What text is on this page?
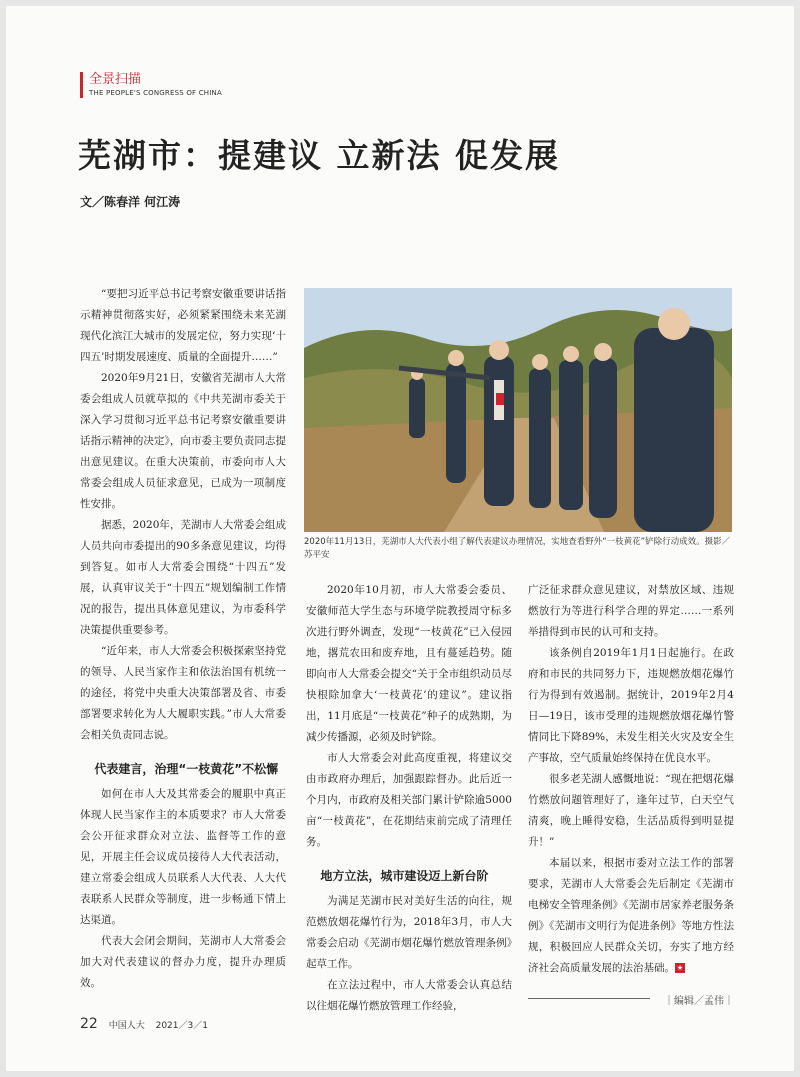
全景扫描
THE PEOPLE'S CONGRESS OF CHINA
芜湖市：提建议 立新法 促发展
文／陈春洋 何江涛

“要把习近平总书记考察安徽重要讲话指示精神贯彻落实好，必须紧紧围绕未来芜湖现代化滨江大城市的发展定位，努力实现‘十四五’时期发展速度、质量的全面提升……”

2020年9月21日，安徽省芜湖市人大常委会组成人员就草拟的《中共芜湖市委关于深入学习贯彻习近平总书记考察安徽重要讲话指示精神的决定》，向市委主要负责同志提出意见建议。在重大决策前，市委向市人大常委会组成人员征求意见，已成为一项制度性安排。

据悉，2020年，芜湖市人大常委会组成人员共向市委提出的90多条意见建议，均得到答复。如市人大常委会围绕“十四五”发展，认真审议关于“十四五”规划编制工作情况的报告，提出具体意见建议，为市委科学决策提供重要参考。

“近年来，市人大常委会积极探索坚持党的领导、人民当家作主和依法治国有机统一的途径，将党中央重大决策部署及省、市委部署要求转化为人大履职实践。”市人大常委会相关负责同志说。

代表建言，治理“一枝黄花”不松懈

如何在市人大及其常委会的履职中真正体现人民当家作主的本质要求？市人大常委会公开征求群众对立法、监督等工作的意见，开展主任会议成员接待人大代表活动，建立常委会组成人员联系人大代表、人大代表联系人民群众等制度，进一步畅通下情上达渠道。

代表大会闭会期间，芜湖市人大常委会加大对代表建议的督办力度，提升办理质效。

2020年11月13日，芜湖市人大代表小组了解代表建议办理情况，实地查看野外“一枝黄花”铲除行动成效。摄影／苏平安

2020年10月初，市人大常委会委员、安徽师范大学生态与环境学院教授周守标多次进行野外调查，发现“一枝黄花”已入侵园地，撂荒农田和废弃地，且有蔓延趋势。随即向市人大常委会提交“关于全市组织动员尽快根除加拿大‘一枝黄花’的建议”。建议指出，11月底是“一枝黄花”种子的成熟期，为减少传播源，必须及时铲除。

市人大常委会对此高度重视，将建议交由市政府办理后，加强跟踪督办。此后近一个月内，市政府及相关部门累计铲除逾5000亩“一枝黄花”，在花期结束前完成了清理任务。

地方立法，城市建设迈上新台阶

为满足芜湖市民对美好生活的向往，规范燃放烟花爆竹行为，2018年3月，市人大常委会启动《芜湖市烟花爆竹燃放管理条例》起草工作。

在立法过程中，市人大常委会认真总结以往烟花爆竹燃放管理工作经验，

广泛征求群众意见建议，对禁放区域、违规燃放行为等进行科学合理的界定……一系列举措得到市民的认可和支持。

该条例自2019年1月1日起施行。在政府和市民的共同努力下，违规燃放烟花爆竹行为得到有效遏制。据统计，2019年2月4日—19日，该市受理的违规燃放烟花爆竹警情同比下降89%，未发生相关火灾及安全生产事故，空气质量始终保持在优良水平。

很多老芜湖人感慨地说：“现在把烟花爆竹燃放问题管理好了，逢年过节，白天空气清爽，晚上睡得安稳，生活品质得到明显提升！”

本届以来，根据市委对立法工作的部署要求，芜湖市人大常委会先后制定《芜湖市电梯安全管理条例》《芜湖市居家养老服务条例》《芜湖市文明行为促进条例》等地方性法规，积极回应人民群众关切，夯实了地方经济社会高质量发展的法治基础。 ★

｜编辑／孟伟｜
22 中国人大 2021／3／1
